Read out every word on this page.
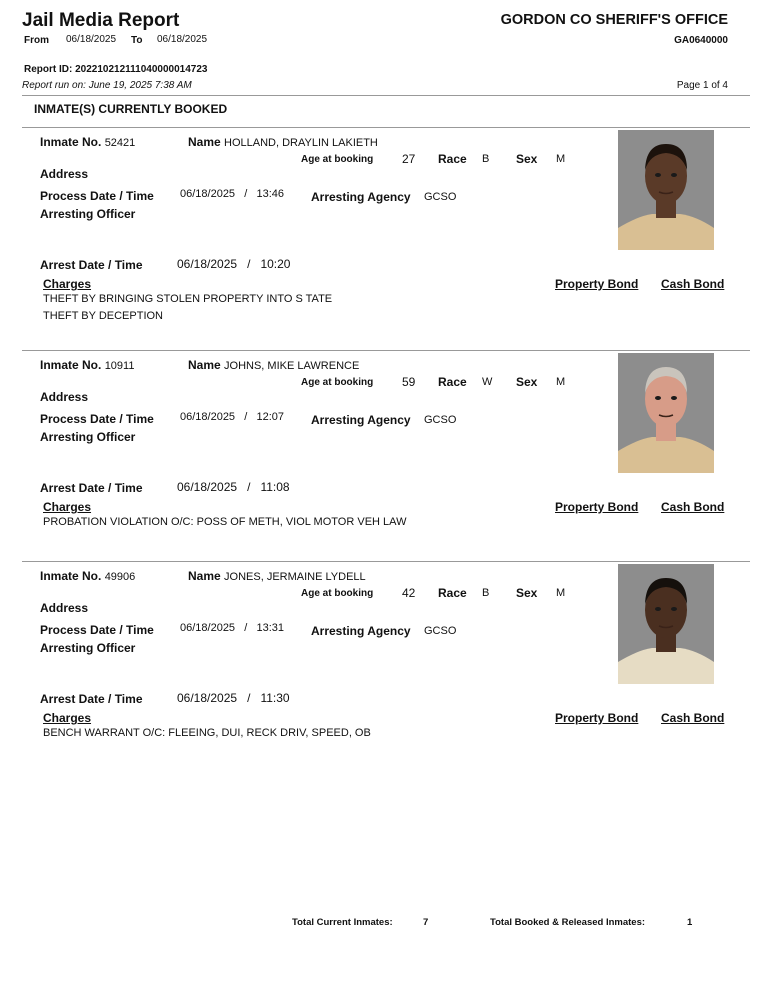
Jail Media Report	GORDON CO SHERIFF'S OFFICE
GA0640000
From 06/18/2025 To 06/18/2025
Report ID: 202210212111040000014723
Report run on: June 19, 2025 7:38 AM	Page 1 of 4
INMATE(S) CURRENTLY BOOKED
Inmate No. 52421	Name HOLLAND, DRAYLIN LAKIETH
Age at booking 27 Race B Sex M
Address
Process Date / Time 06/18/2025 / 13:46 Arresting Agency GCSO
Arresting Officer
Arrest Date / Time	06/18/2025 / 10:20
Charges	Property Bond Cash Bond
THEFT BY BRINGING STOLEN PROPERTY INTO S TATE
THEFT BY DECEPTION
Inmate No. 10911	Name JOHNS, MIKE LAWRENCE
Age at booking 59 Race W Sex M
Address
Process Date / Time 06/18/2025 / 12:07 Arresting Agency GCSO
Arresting Officer
Arrest Date / Time	06/18/2025 / 11:08
Charges	Property Bond Cash Bond
PROBATION VIOLATION O/C: POSS OF METH, VIOL MOTOR VEH LAW
Inmate No. 49906	Name JONES, JERMAINE LYDELL
Age at booking 42 Race B Sex M
Address
Process Date / Time 06/18/2025 / 13:31 Arresting Agency GCSO
Arresting Officer
Arrest Date / Time	06/18/2025 / 11:30
Charges	Property Bond Cash Bond
BENCH WARRANT O/C: FLEEING, DUI, RECK DRIV, SPEED, OB
Total Current Inmates:	7	Total Booked & Released Inmates:	1
